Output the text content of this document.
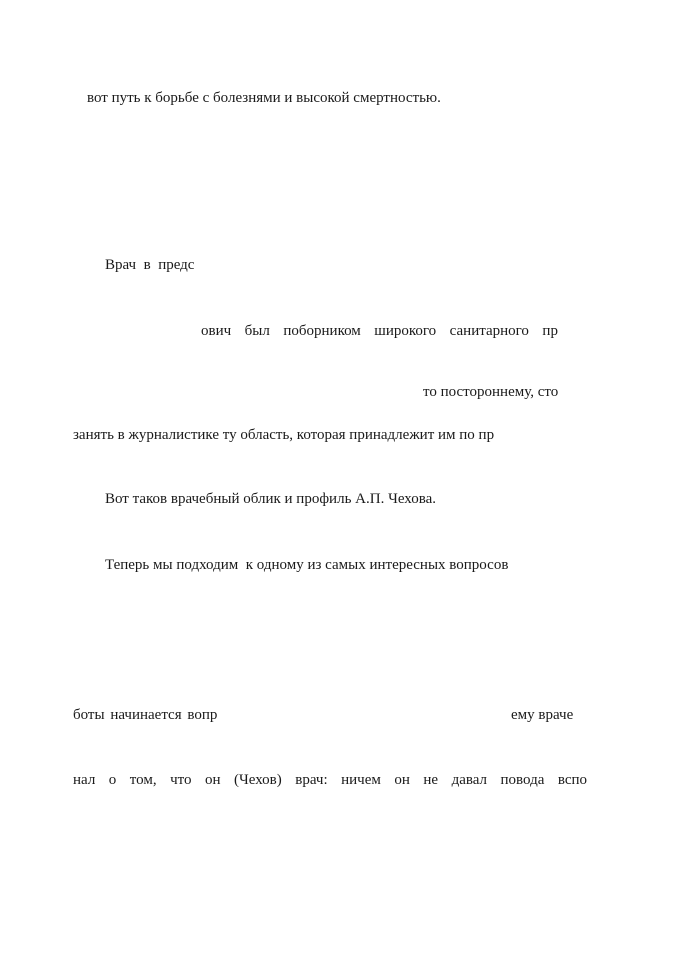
вот путь к борьбе с болезнями и высокой смертностью.
Врач  в  предс
ович  был  поборником  широкого  санитарного  пр
то постороннему, сто
занять в журналистике ту область, которая принадлежит им по пр
Вот таков врачебный облик и профиль А.П. Чехова.
Теперь мы подходим  к одному из самых интересных вопросов
боты начинается вопр	ему враче
нал  о  том,  что  он  (Чехов)  врач:  ничем  он  не  давал  повода  вспо
